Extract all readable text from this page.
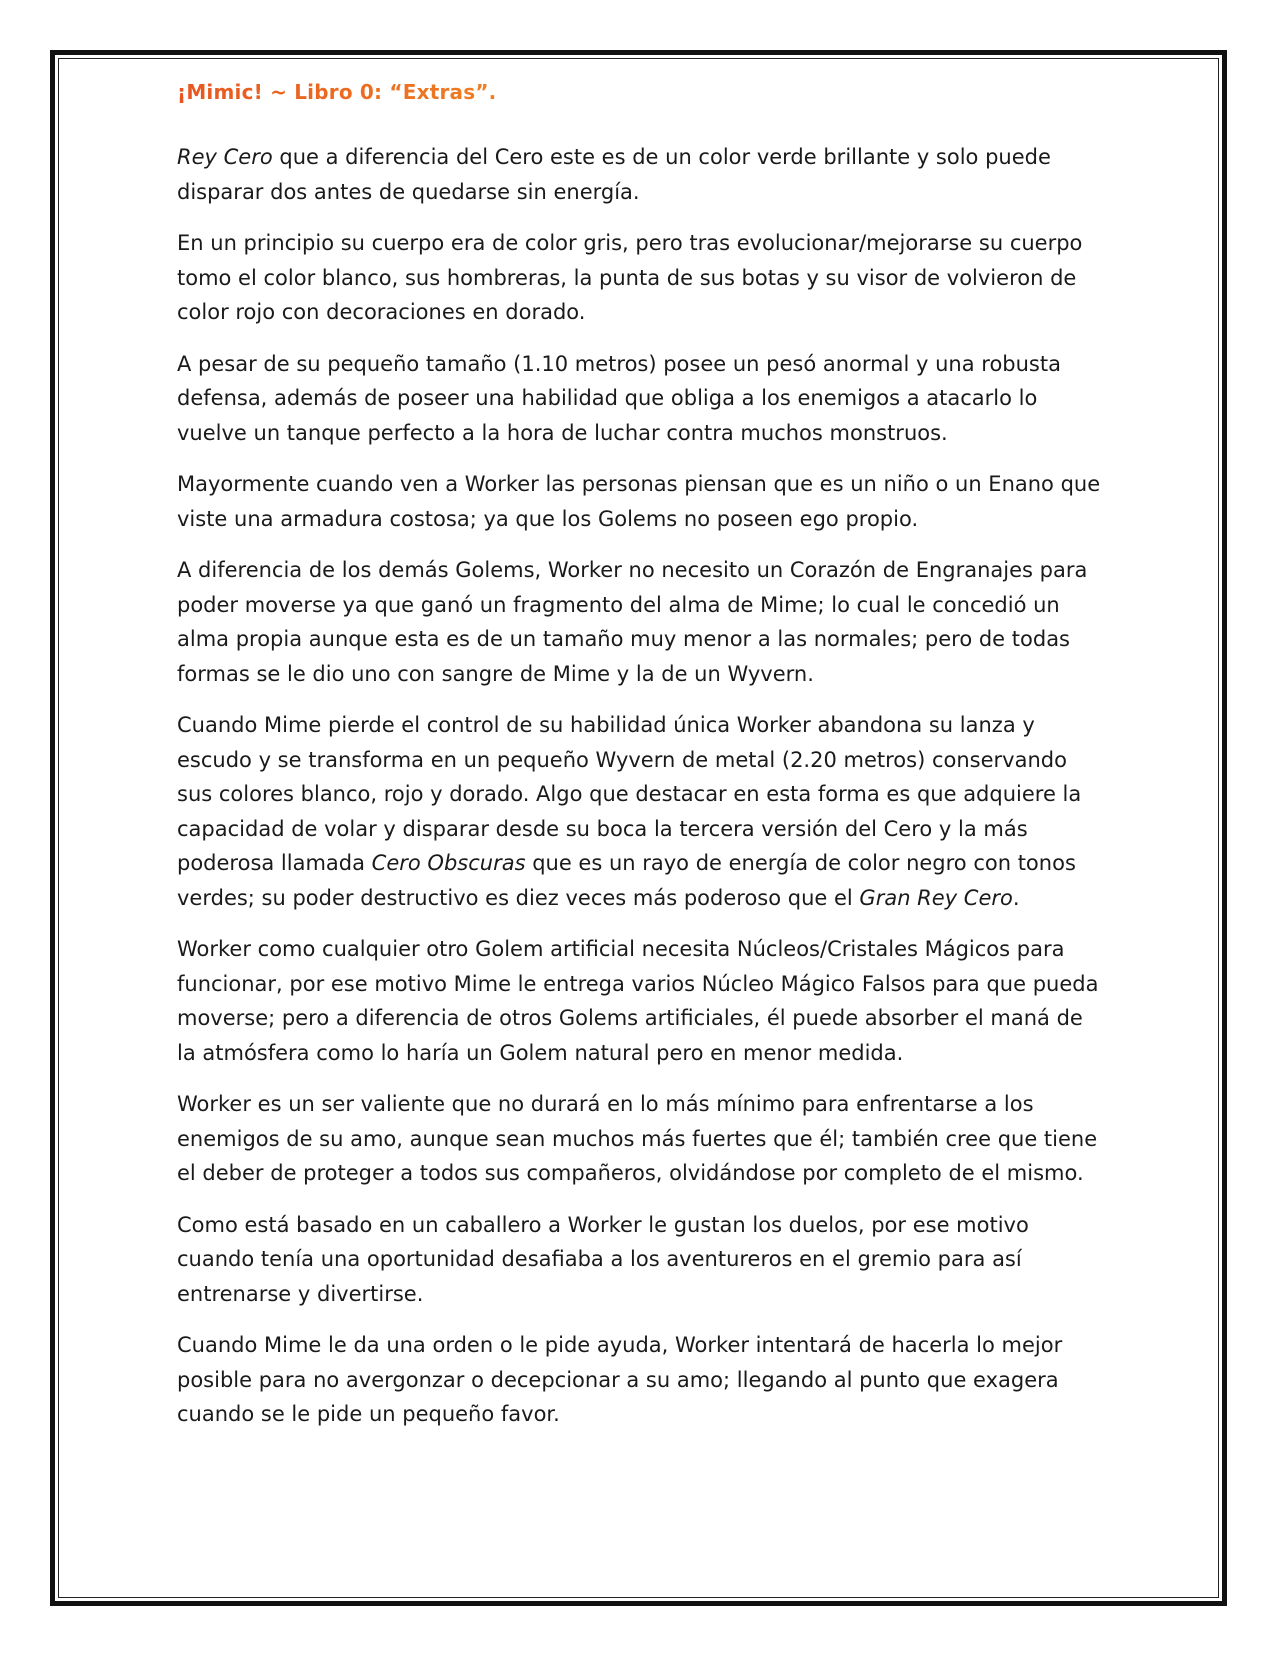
¡Mimic! ~ Libro 0: “Extras”.

Rey Cero que a diferencia del Cero este es de un color verde brillante y solo puede disparar dos antes de quedarse sin energía.

En un principio su cuerpo era de color gris, pero tras evolucionar/mejorarse su cuerpo tomo el color blanco, sus hombreras, la punta de sus botas y su visor de volvieron de color rojo con decoraciones en dorado.

A pesar de su pequeño tamaño (1.10 metros) posee un pesó anormal y una robusta defensa, además de poseer una habilidad que obliga a los enemigos a atacarlo lo vuelve un tanque perfecto a la hora de luchar contra muchos monstruos.

Mayormente cuando ven a Worker las personas piensan que es un niño o un Enano que viste una armadura costosa; ya que los Golems no poseen ego propio.

A diferencia de los demás Golems, Worker no necesito un Corazón de Engranajes para poder moverse ya que ganó un fragmento del alma de Mime; lo cual le concedió un alma propia aunque esta es de un tamaño muy menor a las normales; pero de todas formas se le dio uno con sangre de Mime y la de un Wyvern.

Cuando Mime pierde el control de su habilidad única Worker abandona su lanza y escudo y se transforma en un pequeño Wyvern de metal (2.20 metros) conservando sus colores blanco, rojo y dorado. Algo que destacar en esta forma es que adquiere la capacidad de volar y disparar desde su boca la tercera versión del Cero y la más poderosa llamada Cero Obscuras que es un rayo de energía de color negro con tonos verdes; su poder destructivo es diez veces más poderoso que el Gran Rey Cero.

Worker como cualquier otro Golem artificial necesita Núcleos/Cristales Mágicos para funcionar, por ese motivo Mime le entrega varios Núcleo Mágico Falsos para que pueda moverse; pero a diferencia de otros Golems artificiales, él puede absorber el maná de la atmósfera como lo haría un Golem natural pero en menor medida.

Worker es un ser valiente que no durará en lo más mínimo para enfrentarse a los enemigos de su amo, aunque sean muchos más fuertes que él; también cree que tiene el deber de proteger a todos sus compañeros, olvidándose por completo de el mismo.

Como está basado en un caballero a Worker le gustan los duelos, por ese motivo cuando tenía una oportunidad desafiaba a los aventureros en el gremio para así entrenarse y divertirse.

Cuando Mime le da una orden o le pide ayuda, Worker intentará de hacerla lo mejor posible para no avergonzar o decepcionar a su amo; llegando al punto que exagera cuando se le pide un pequeño favor.
